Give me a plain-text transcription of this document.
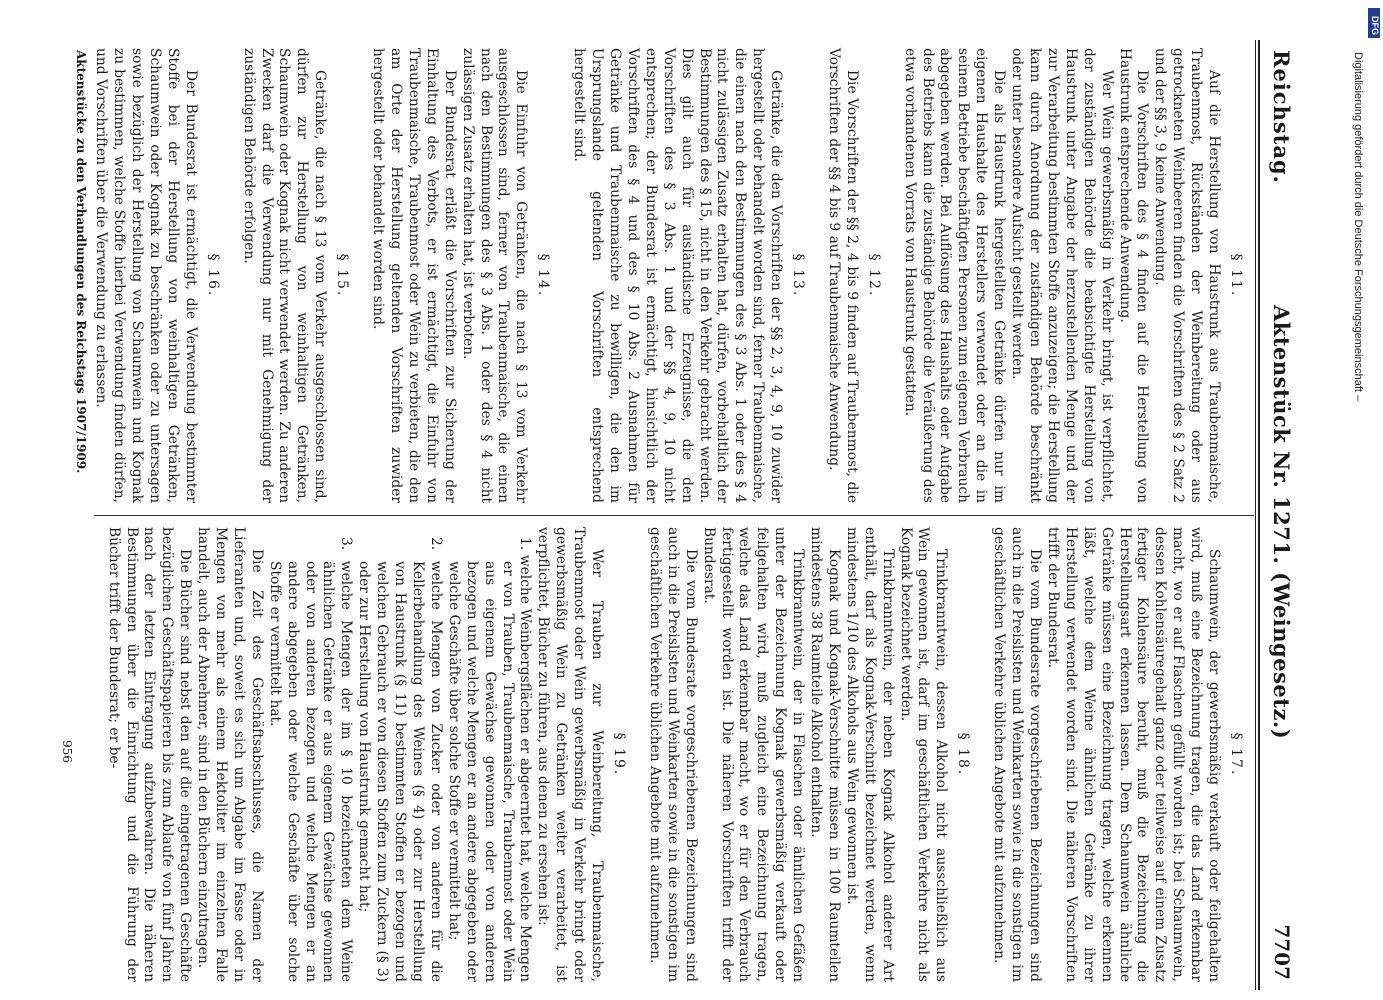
Reichstag.
Aktenstück Nr. 1271. (Weingesetz.)
7707
§ 11.
Auf die Herstellung von Haustrunk aus Traubenmaische, Traubenmost, Rückständen der Weinbereitung oder aus getrockneten Weinbeeren finden die Vorschriften des § 2 Satz 2 und der §§ 3, 9 keine Anwendung.
Die Vorschriften des § 4 finden auf die Herstellung von Haustrunk entsprechende Anwendung.
Wer Wein gewerbsmäßig in Verkehr bringt, ist verpflichtet, der zuständigen Behörde die beabsichtigte Herstellung von Haustrunk unter Angabe der herzustellenden Menge und der zur Verarbeitung bestimmten Stoffe anzuzeigen; die Herstellung kann durch Anordnung der zuständigen Behörde beschränkt oder unter besondere Aufsicht gestellt werden.
Die als Haustrunk hergestellten Getränke dürfen nur im eigenen Haushalte des Herstellers verwendet oder an die in seinem Betriebe beschäftigten Personen zum eigenen Verbrauch abgegeben werden. Bei Auflösung des Haushalts oder Aufgabe des Betriebs kann die zuständige Behörde die Veräußerung des etwa vorhandenen Vorrats von Haustrunk gestatten.
§ 12.
Die Vorschriften der §§ 2, 4 bis 9 finden auf Traubenmost, die Vorschriften der §§ 4 bis 9 auf Traubenmaische Anwendung.
§ 13.
Getränke, die den Vorschriften der §§ 2, 3, 4, 9, 10 zuwider hergestellt oder behandelt worden sind, ferner Traubenmaische, die einen nach den Bestimmungen des § 3 Abs. 1 oder des § 4 nicht zulässigen Zusatz erhalten hat, dürfen, vorbehaltlich der Bestimmungen des § 15, nicht in den Verkehr gebracht werden. Dies gilt auch für ausländische Erzeugnisse, die den Vorschriften des § 3 Abs. 1 und der §§ 4, 9, 10 nicht entsprechen; der Bundesrat ist ermächtigt, hinsichtlich der Vorschriften des § 4 und des § 10 Abs. 2 Ausnahmen für Getränke und Traubenmaische zu bewilligen, die den im Ursprungslande geltenden Vorschriften entsprechend hergestellt sind.
§ 14.
Die Einfuhr von Getränken, die nach § 13 vom Verkehr ausgeschlossen sind, ferner von Traubenmaische, die einen nach den Bestimmungen des § 3 Abs. 1 oder des § 4 nicht zulässigen Zusatz erhalten hat, ist verboten.
Der Bundesrat erläßt die Vorschriften zur Sicherung der Einhaltung des Verbots, er ist ermächtigt, die Einfuhr von Traubenmaische, Traubenmost oder Wein zu verbieten, die den am Orte der Herstellung geltenden Vorschriften zuwider hergestellt oder behandelt worden sind.
§ 15.
Getränke, die nach § 13 vom Verkehr ausgeschlossen sind, dürfen zur Herstellung von weinhaltigen Getränken, Schaumwein oder Kognak nicht verwendet werden. Zu anderen Zwecken darf die Verwendung nur mit Genehmigung der zuständigen Behörde erfolgen.
§ 16.
Der Bundesrat ist ermächtigt, die Verwendung bestimmter Stoffe bei der Herstellung von weinhaltigen Getränken, Schaumwein oder Kognak zu beschränken oder zu untersagen sowie bezüglich der Herstellung von Schaumwein und Kognak zu bestimmen, welche Stoffe hierbei Verwendung finden dürfen, und Vorschriften über die Verwendung zu erlassen.
§ 17.
Schaumwein, der gewerbsmäßig verkauft oder feilgehalten wird, muß eine Bezeichnung tragen, die das Land erkennbar macht, wo er auf Flaschen gefüllt worden ist; bei Schaumwein, dessen Kohlensäuregehalt ganz oder teilweise auf einem Zusatz fertiger Kohlensäure beruht, muß die Bezeichnung die Herstellungsart erkennen lassen. Dem Schaumwein ähnliche Getränke müssen eine Bezeichnung tragen, welche erkennen läßt, welche dem Weine ähnlichen Getränke zu ihrer Herstellung verwendet worden sind. Die näheren Vorschriften trifft der Bundesrat.
Die vom Bundesrate vorgeschriebenen Bezeichnungen sind auch in die Preislisten und Weinkarten sowie in die sonstigen im geschäftlichen Verkehre üblichen Angebote mit aufzunehmen.
§ 18.
Trinkbranntwein, dessen Alkohol nicht ausschließlich aus Wein gewonnen ist, darf im geschäftlichen Verkehre nicht als Kognak bezeichnet werden.
Trinkbranntwein, der neben Kognak Alkohol anderer Art enthält, darf als Kognak-Verschnitt bezeichnet werden, wenn mindestens 1/10 des Alkohols aus Wein gewonnen ist.
Kognak und Kognak-Verschnitte müssen in 100 Raumteilen mindestens 38 Raumteile Alkohol enthalten.
Trinkbranntwein, der in Flaschen oder ähnlichen Gefäßen unter der Bezeichnung Kognak gewerbsmäßig verkauft oder feilgehalten wird, muß zugleich eine Bezeichnung tragen, welche das Land erkennbar macht, wo er für den Verbrauch fertiggestellt worden ist. Die näheren Vorschriften trifft der Bundesrat.
Die vom Bundesrate vorgeschriebenen Bezeichnungen sind auch in die Preislisten und Weinkarten sowie in die sonstigen im geschäftlichen Verkehre üblichen Angebote mit aufzunehmen.
§ 19.
Wer Trauben zur Weinbereitung, Traubenmaische, Traubenmost oder Wein gewerbsmäßig in Verkehr bringt oder gewerbsmäßig Wein zu Getränken weiter verarbeitet, ist verpflichtet, Bücher zu führen, aus denen zu ersehen ist:
1. welche Weinbergsflächen er abgeerntet hat, welche Mengen er von Trauben, Traubenmaische, Traubenmost oder Wein aus eigenem Gewächse gewonnen oder von anderen bezogen und welche Mengen er an andere abgegeben oder welche Geschäfte über solche Stoffe er vermittelt hat;
2. welche Mengen von Zucker oder von anderen für die Kellerbehandlung des Weines (§ 4) oder zur Herstellung von Haustrunk (§ 11) bestimmten Stoffen er bezogen und welchen Gebrauch er von diesen Stoffen zum Zuckern (§ 3) oder zur Herstellung von Haustrunk gemacht hat;
3. welche Mengen der im § 10 bezeichneten dem Weine ähnlichen Getränke er aus eigenem Gewächse gewonnen oder von anderen bezogen und welche Mengen er an andere abgegeben oder welche Geschäfte über solche Stoffe er vermittelt hat.
Die Zeit des Geschäftsabschlusses, die Namen der Lieferanten und, soweit es sich um Abgabe im Fasse oder in Mengen von mehr als einem Hektoliter im einzelnen Falle handelt, auch der Abnehmer, sind in den Büchern einzutragen.
Die Bücher sind nebst den auf die eingetragenen Geschäfte bezüglichen Geschäftspapieren bis zum Ablaufe von fünf Jahren nach der letzten Eintragung aufzubewahren. Die näheren Bestimmungen über die Einrichtung und die Führung der Bücher trifft der Bundesrat; er be-
Aktenstücke zu den Verhandlungen des Reichstags 1907/1909.
956
Digitalisierung gefördert durch die Deutsche Forschungsgemeinschaft –
DFG
